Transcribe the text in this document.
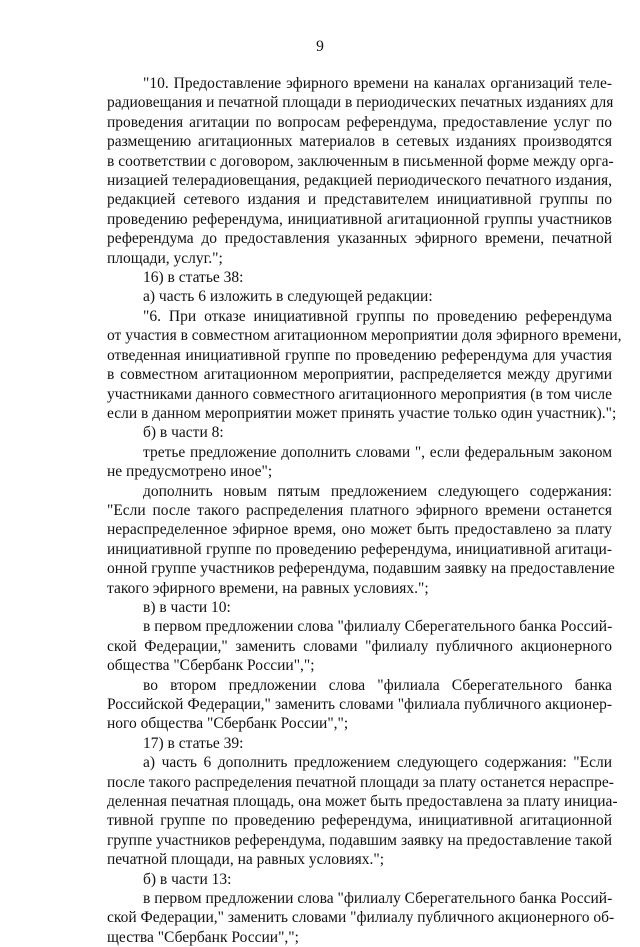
9
"10. Предоставление эфирного времени на каналах организаций теле-
радиовещания и печатной площади в периодических печатных изданиях для
проведения агитации по вопросам референдума, предоставление услуг по
размещению агитационных материалов в сетевых изданиях производятся
в соответствии с договором, заключенным в письменной форме между орга-
низацией телерадиовещания, редакцией периодического печатного издания,
редакцией сетевого издания и представителем инициативной группы по
проведению референдума, инициативной агитационной группы участников
референдума до предоставления указанных эфирного времени, печатной
площади, услуг.";
16) в статье 38:
а) часть 6 изложить в следующей редакции:
"6. При отказе инициативной группы по проведению референдума
от участия в совместном агитационном мероприятии доля эфирного времени,
отведенная инициативной группе по проведению референдума для участия
в совместном агитационном мероприятии, распределяется между другими
участниками данного совместного агитационного мероприятия (в том числе
если в данном мероприятии может принять участие только один участник).";
б) в части 8:
третье предложение дополнить словами ", если федеральным законом
не предусмотрено иное";
дополнить новым пятым предложением следующего содержания:
"Если после такого распределения платного эфирного времени останется
нераспределенное эфирное время, оно может быть предоставлено за плату
инициативной группе по проведению референдума, инициативной агитаци-
онной группе участников референдума, подавшим заявку на предоставление
такого эфирного времени, на равных условиях.";
в) в части 10:
в первом предложении слова "филиалу Сберегательного банка Россий-
ской Федерации," заменить словами "филиалу публичного акционерного
общества "Сбербанк России",";
во втором предложении слова "филиала Сберегательного банка
Российской Федерации," заменить словами "филиала публичного акционер-
ного общества "Сбербанк России",";
17) в статье 39:
а) часть 6 дополнить предложением следующего содержания: "Если
после такого распределения печатной площади за плату останется нераспре-
деленная печатная площадь, она может быть предоставлена за плату инициа-
тивной группе по проведению референдума, инициативной агитационной
группе участников референдума, подавшим заявку на предоставление такой
печатной площади, на равных условиях.";
б) в части 13:
в первом предложении слова "филиалу Сберегательного банка Россий-
ской Федерации," заменить словами "филиалу публичного акционерного об-
щества "Сбербанк России",";
